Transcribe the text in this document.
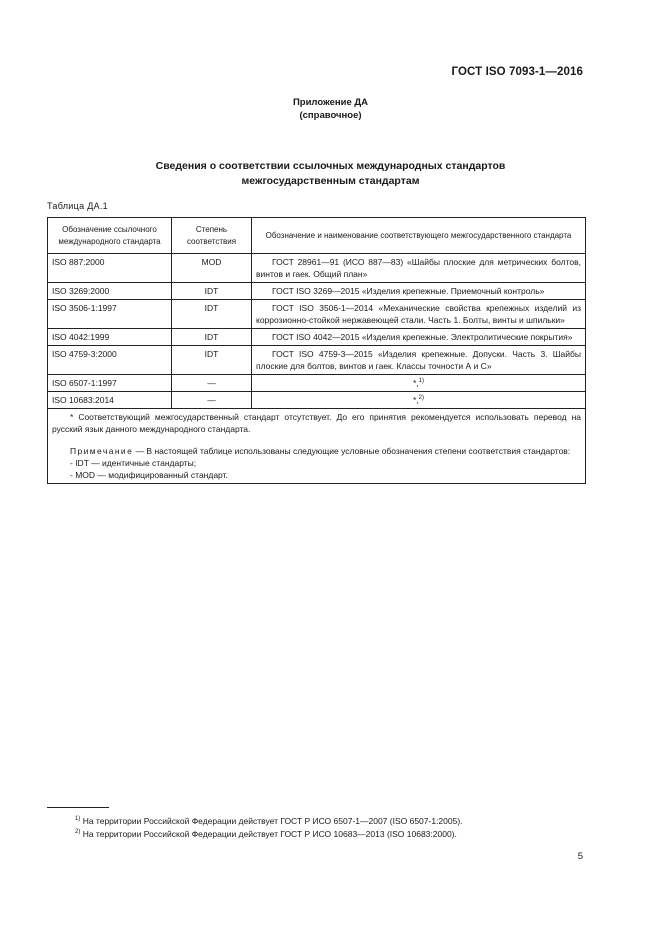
ГОСТ ISO 7093-1—2016
Приложение ДА
(справочное)
Сведения о соответствии ссылочных международных стандартов
межгосударственным стандартам
Таблица ДА.1
Обозначение ссылочного международного стандарта	Степень соответствия	Обозначение и наименование соответствующего межгосударственного стандарта
ISO 887:2000	MOD	ГОСТ 28961—91 (ИСО 887—83) «Шайбы плоские для метрических болтов, винтов и гаек. Общий план»
ISO 3269:2000	IDT	ГОСТ ISO 3269—2015 «Изделия крепежные. Приемочный контроль»
ISO 3506-1:1997	IDT	ГОСТ ISO 3506-1—2014 «Механические свойства крепежных изделий из коррозионно-стойкой нержавеющей стали. Часть 1. Болты, винты и шпильки»
ISO 4042:1999	IDT	ГОСТ ISO 4042—2015 «Изделия крепежные. Электролитические покрытия»
ISO 4759-3:2000	IDT	ГОСТ ISO 4759-3—2015 «Изделия крепежные. Допуски. Часть 3. Шайбы плоские для болтов, винтов и гаек. Классы точности А и С»
ISO 6507-1:1997	—	*,$^{1)}$
ISO 10683:2014	—	*,$^{2)}$

* Соответствующий межгосударственный стандарт отсутствует. До его принятия рекомендуется использовать перевод на русский язык данного международного стандарта.

Примечание — В настоящей таблице использованы следующие условные обозначения степени соответствия стандартов:

- IDT — идентичные стандарты;

- MOD — модифицированный стандарт.		

$^{1)}$ На территории Российской Федерации действует ГОСТ Р ИСО 6507-1—2007 (ISO 6507-1:2005).
$^{2)}$ На территории Российской Федерации действует ГОСТ Р ИСО 10683—2013 (ISO 10683:2000).
5
